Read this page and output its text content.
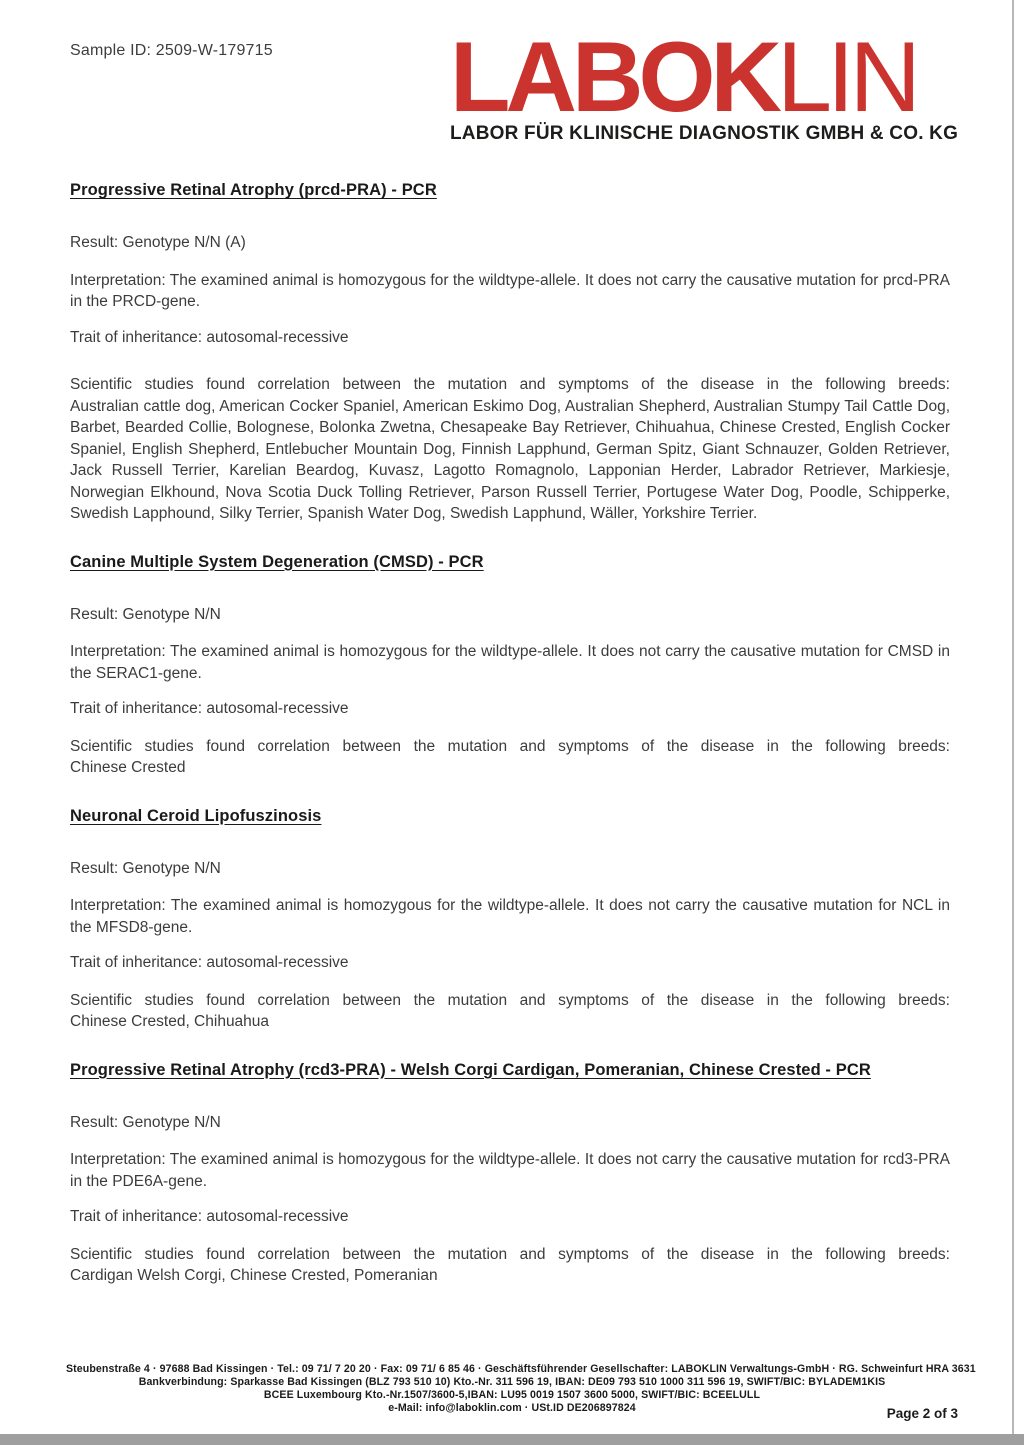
Sample ID: 2509-W-179715 LABOKLIN
LABOR FÜR KLINISCHE DIAGNOSTIK GMBH & CO. KG
Progressive Retinal Atrophy (prcd-PRA) - PCR

Result: Genotype N/N (A)

Interpretation: The examined animal is homozygous for the wildtype-allele. It does not carry the causative mutation for prcd-PRA in the PRCD-gene.

Trait of inheritance: autosomal-recessive

Scientific studies found correlation between the mutation and symptoms of the disease in the following breeds:
Australian cattle dog, American Cocker Spaniel, American Eskimo Dog, Australian Shepherd, Australian Stumpy Tail Cattle Dog, Barbet, Bearded Collie, Bolognese, Bolonka Zwetna, Chesapeake Bay Retriever, Chihuahua, Chinese Crested, English Cocker Spaniel, English Shepherd, Entlebucher Mountain Dog, Finnish Lapphund, German Spitz, Giant Schnauzer, Golden Retriever, Jack Russell Terrier, Karelian Beardog, Kuvasz, Lagotto Romagnolo, Lapponian Herder, Labrador Retriever, Markiesje, Norwegian Elkhound, Nova Scotia Duck Tolling Retriever, Parson Russell Terrier, Portugese Water Dog, Poodle, Schipperke, Swedish Lapphound, Silky Terrier, Spanish Water Dog, Swedish Lapphund, Wäller, Yorkshire Terrier.
Canine Multiple System Degeneration (CMSD) - PCR

Result: Genotype N/N

Interpretation: The examined animal is homozygous for the wildtype-allele. It does not carry the causative mutation for CMSD in the SERAC1-gene.

Trait of inheritance: autosomal-recessive

Scientific studies found correlation between the mutation and symptoms of the disease in the following breeds:
Chinese Crested
Neuronal Ceroid Lipofuszinosis

Result: Genotype N/N

Interpretation: The examined animal is homozygous for the wildtype-allele. It does not carry the causative mutation for NCL in the MFSD8-gene.

Trait of inheritance: autosomal-recessive

Scientific studies found correlation between the mutation and symptoms of the disease in the following breeds:
Chinese Crested, Chihuahua
Progressive Retinal Atrophy (rcd3-PRA) - Welsh Corgi Cardigan, Pomeranian, Chinese Crested - PCR

Result: Genotype N/N

Interpretation: The examined animal is homozygous for the wildtype-allele. It does not carry the causative mutation for rcd3-PRA in the PDE6A-gene.

Trait of inheritance: autosomal-recessive

Scientific studies found correlation between the mutation and symptoms of the disease in the following breeds:
Cardigan Welsh Corgi, Chinese Crested, Pomeranian
Steubenstraße 4 · 97688 Bad Kissingen · Tel.: 09 71/ 7 20 20 · Fax: 09 71/ 6 85 46 · Geschäftsführender Gesellschafter: LABOKLIN Verwaltungs-GmbH · RG. Schweinfurt HRA 3631
Bankverbindung: Sparkasse Bad Kissingen (BLZ 793 510 10) Kto.-Nr. 311 596 19, IBAN: DE09 793 510 1000 311 596 19, SWIFT/BIC: BYLADEM1KIS
BCEE Luxembourg Kto.-Nr.1507/3600-5,IBAN: LU95 0019 1507 3600 5000, SWIFT/BIC: BCEELULL
e-Mail: info@laboklin.com · USt.ID DE206897824	Page 2 of 3
